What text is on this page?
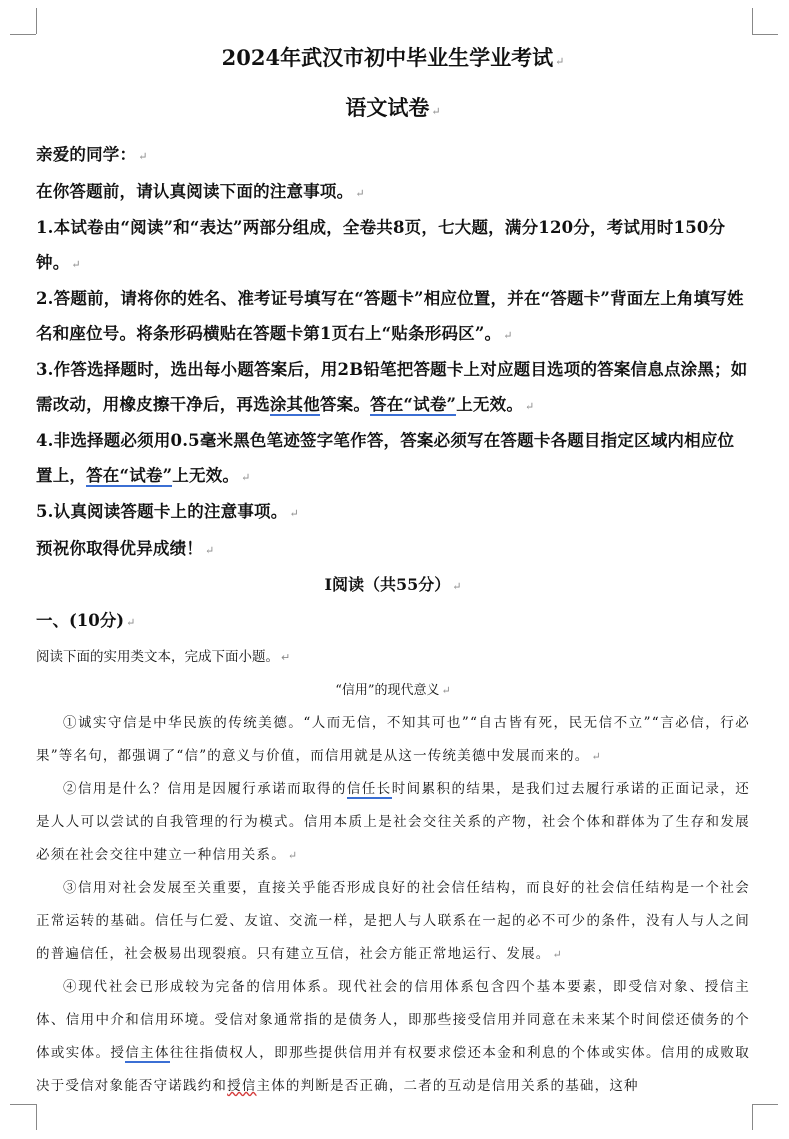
2024年武汉市初中毕业生学业考试 ↵

语文试卷 ↵

亲爱的同学： ↵

在你答题前，请认真阅读下面的注意事项。 ↵

1.本试卷由“阅读”和“表达”两部分组成，全卷共8页，七大题，满分120分，考试用时150分钟。 ↵

2.答题前，请将你的姓名、准考证号填写在“答题卡”相应位置，并在“答题卡”背面左上角填写姓名和座位号。将条形码横贴在答题卡第1页右上“贴条形码区”。 ↵

3.作答选择题时，选出每小题答案后，用2B铅笔把答题卡上对应题目选项的答案信息点涂黑；如需改动，用橡皮擦干净后，再选涂其他答案。答在“试卷”上无效。 ↵

4.非选择题必须用0.5毫米黑色笔迹签字笔作答，答案必须写在答题卡各题目指定区域内相应位置上，答在“试卷”上无效。 ↵

5.认真阅读答题卡上的注意事项。 ↵

预祝你取得优异成绩！ ↵

Ⅰ阅读（共55分） ↵

一、(10分) ↵

阅读下面的实用类文本，完成下面小题。 ↵

“信用”的现代意义 ↵

①诚实守信是中华民族的传统美德。“人而无信，不知其可也”“自古皆有死，民无信不立”“言必信，行必果”等名句，都强调了“信”的意义与价值，而信用就是从这一传统美德中发展而来的。 ↵

②信用是什么？信用是因履行承诺而取得的信任长时间累积的结果，是我们过去履行承诺的正面记录，还是人人可以尝试的自我管理的行为模式。信用本质上是社会交往关系的产物，社会个体和群体为了生存和发展必须在社会交往中建立一种信用关系。 ↵

③信用对社会发展至关重要，直接关乎能否形成良好的社会信任结构，而良好的社会信任结构是一个社会正常运转的基础。信任与仁爱、友谊、交流一样，是把人与人联系在一起的必不可少的条件，没有人与人之间的普遍信任，社会极易出现裂痕。只有建立互信，社会方能正常地运行、发展。 ↵

④现代社会已形成较为完备的信用体系。现代社会的信用体系包含四个基本要素，即受信对象、授信主体、信用中介和信用环境。受信对象通常指的是债务人，即那些接受信用并同意在未来某个时间偿还债务的个体或实体。授信主体往往指债权人，即那些提供信用并有权要求偿还本金和利息的个体或实体。信用的成败取决于受信对象能否守诺践约和授信主体的判断是否正确，二者的互动是信用关系的基础，这种
